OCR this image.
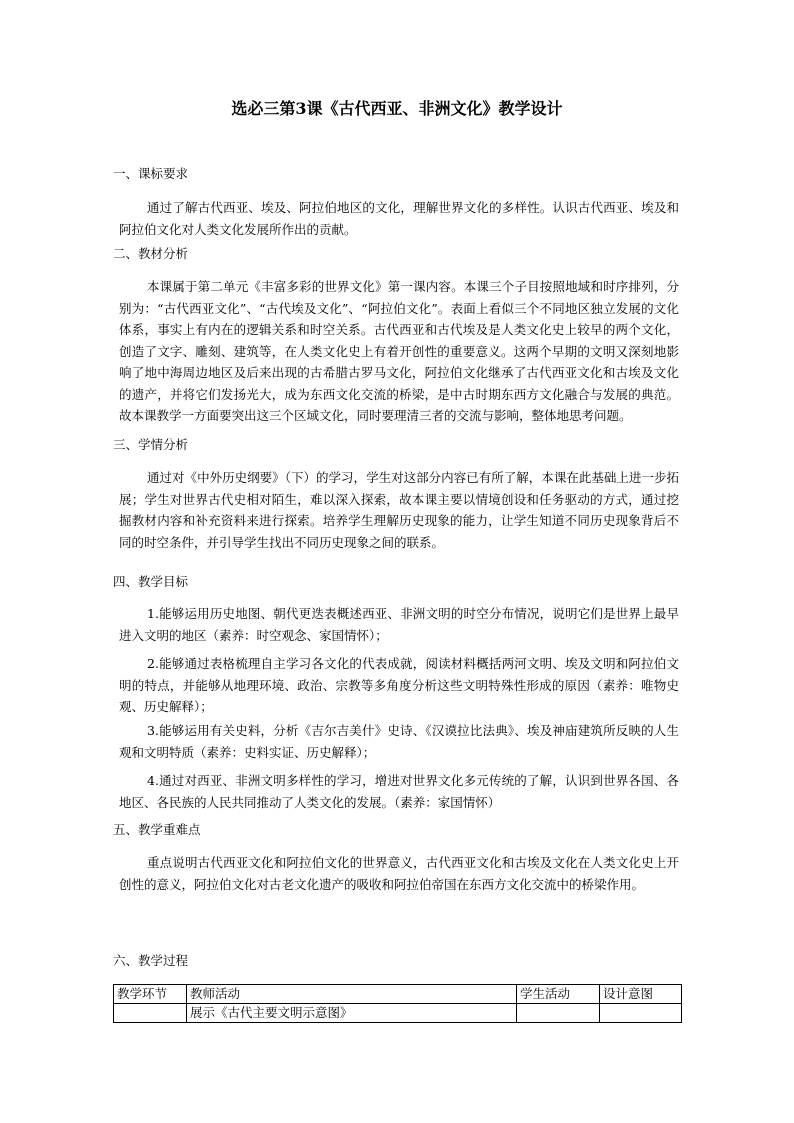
选必三第3课《古代西亚、非洲文化》教学设计
一、课标要求
通过了解古代西亚、埃及、阿拉伯地区的文化，理解世界文化的多样性。认识古代西亚、埃及和阿拉伯文化对人类文化发展所作出的贡献。
二、教材分析
本课属于第二单元《丰富多彩的世界文化》第一课内容。本课三个子目按照地域和时序排列，分别为：“古代西亚文化”、“古代埃及文化”、“阿拉伯文化”。表面上看似三个不同地区独立发展的文化体系，事实上有内在的逻辑关系和时空关系。古代西亚和古代埃及是人类文化史上较早的两个文化，创造了文字、雕刻、建筑等，在人类文化史上有着开创性的重要意义。这两个早期的文明又深刻地影响了地中海周边地区及后来出现的古希腊古罗马文化，阿拉伯文化继承了古代西亚文化和古埃及文化的遗产，并将它们发扬光大，成为东西文化交流的桥梁，是中古时期东西方文化融合与发展的典范。故本课教学一方面要突出这三个区域文化，同时要理清三者的交流与影响，整体地思考问题。
三、学情分析
通过对《中外历史纲要》（下）的学习，学生对这部分内容已有所了解，本课在此基础上进一步拓展；学生对世界古代史相对陌生，难以深入探索，故本课主要以情境创设和任务驱动的方式，通过挖掘教材内容和补充资料来进行探索。培养学生理解历史现象的能力，让学生知道不同历史现象背后不同的时空条件，并引导学生找出不同历史现象之间的联系。
四、教学目标
1.能够运用历史地图、朝代更迭表概述西亚、非洲文明的时空分布情况，说明它们是世界上最早进入文明的地区（素养：时空观念、家国情怀）；
2.能够通过表格梳理自主学习各文化的代表成就，阅读材料概括两河文明、埃及文明和阿拉伯文明的特点，并能够从地理环境、政治、宗教等多角度分析这些文明特殊性形成的原因（素养：唯物史观、历史解释）；
3.能够运用有关史料，分析《吉尔吉美什》史诗、《汉谟拉比法典》、埃及神庙建筑所反映的人生观和文明特质（素养：史料实证、历史解释）；
4.通过对西亚、非洲文明多样性的学习，增进对世界文化多元传统的了解，认识到世界各国、各地区、各民族的人民共同推动了人类文化的发展。（素养：家国情怀）
五、教学重难点
重点说明古代西亚文化和阿拉伯文化的世界意义，古代西亚文化和古埃及文化在人类文化史上开创性的意义，阿拉伯文化对古老文化遗产的吸收和阿拉伯帝国在东西方文化交流中的桥梁作用。
六、教学过程
教学环节	教师活动	学生活动	设计意图
	展示《古代主要文明示意图》		
